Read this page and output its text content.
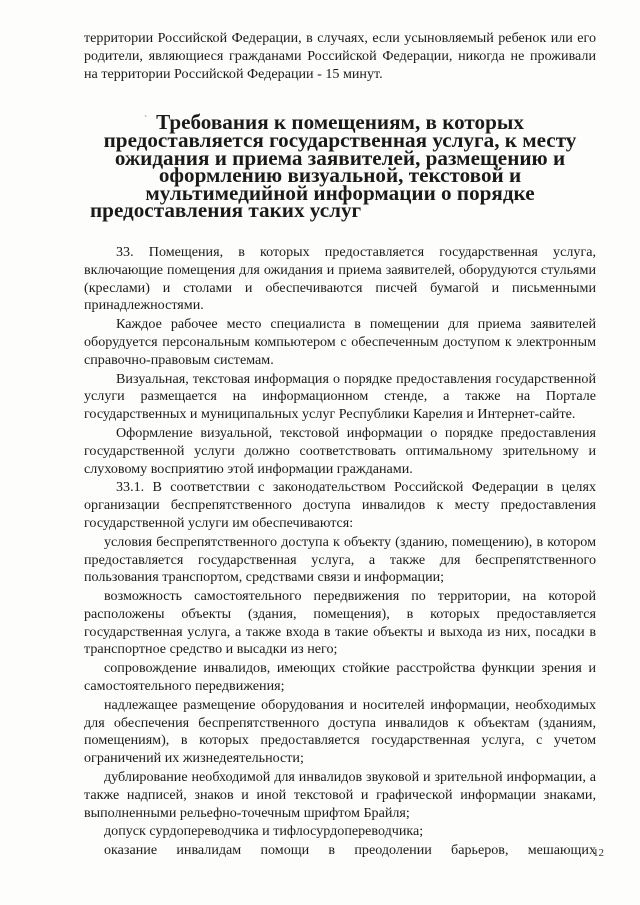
`

территории Российской Федерации, в случаях, если усыновляемый ребенок или его родители, являющиеся гражданами Российской Федерации, никогда не проживали на территории Российской Федерации - 15 минут.

Требования к помещениям, в которых предоставляется государственная услуга, к месту ожидания и приема заявителей, размещению и оформлению визуальной, текстовой и мультимедийной информации о порядке предоставления таких услуг

33. Помещения, в которых предоставляется государственная услуга, включающие помещения для ожидания и приема заявителей, оборудуются стульями (креслами) и столами и обеспечиваются писчей бумагой и письменными принадлежностями.

Каждое рабочее место специалиста в помещении для приема заявителей оборудуется персональным компьютером с обеспеченным доступом к электронным справочно-правовым системам.

Визуальная, текстовая информация о порядке предоставления государственной услуги размещается на информационном стенде, а также на Портале государственных и муниципальных услуг Республики Карелия и Интернет-сайте.

Оформление визуальной, текстовой информации о порядке предоставления государственной услуги должно соответствовать оптимальному зрительному и слуховому восприятию этой информации гражданами.

33.1. В соответствии с законодательством Российской Федерации в целях организации беспрепятственного доступа инвалидов к месту предоставления государственной услуги им обеспечиваются:

условия беспрепятственного доступа к объекту (зданию, помещению), в котором предоставляется государственная услуга, а также для беспрепятственного пользования транспортом, средствами связи и информации;

возможность самостоятельного передвижения по территории, на которой расположены объекты (здания, помещения), в которых предоставляется государственная услуга, а также входа в такие объекты и выхода из них, посадки в транспортное средство и высадки из него;

сопровождение инвалидов, имеющих стойкие расстройства функции зрения и самостоятельного передвижения;

надлежащее размещение оборудования и носителей информации, необходимых для обеспечения беспрепятственного доступа инвалидов к объектам (зданиям, помещениям), в которых предоставляется государственная услуга, с учетом ограничений их жизнедеятельности;

дублирование необходимой для инвалидов звуковой и зрительной информации, а также надписей, знаков и иной текстовой и графической информации знаками, выполненными рельефно-точечным шрифтом Брайля;

допуск сурдопереводчика и тифлосурдопереводчика;

оказание инвалидам помощи в преодолении барьеров, мешающих

12
